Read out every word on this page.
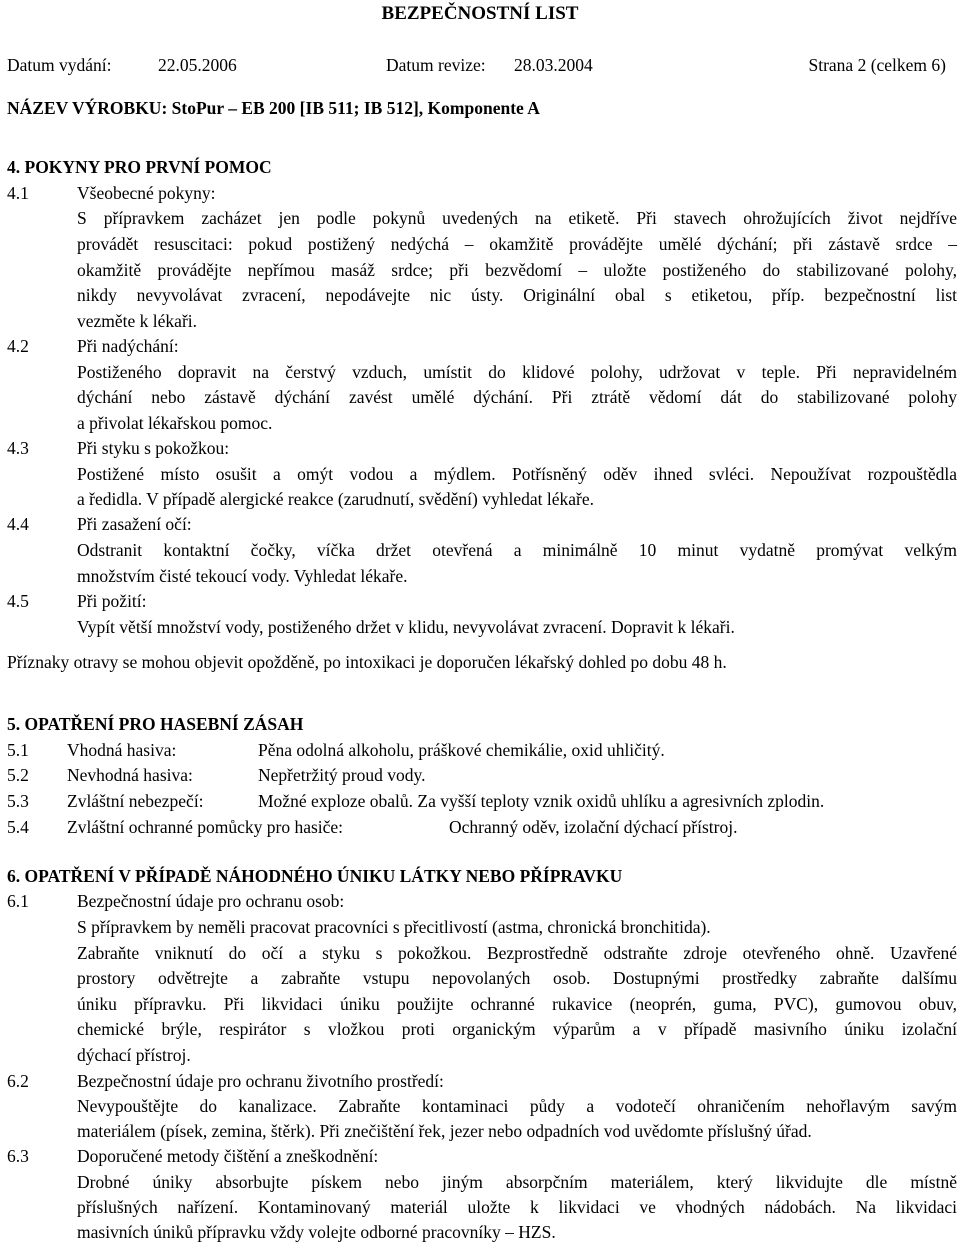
BEZPEČNOSTNÍ LIST
Datum vydání:	22.05.2006	Datum revize: 28.03.2004	Strana 2 (celkem 6)
NÁZEV VÝROBKU: StoPur – EB 200 [IB 511; IB 512], Komponente A
4. POKYNY PRO PRVNÍ POMOC
4.1	Všeobecné pokyny:
S přípravkem zacházet jen podle pokynů uvedených na etiketě. Při stavech ohrožujících život nejdříve
provádět resuscitaci: pokud postižený nedýchá – okamžitě provádějte umělé dýchání; při zástavě srdce –
okamžitě provádějte nepřímou masáž srdce; při bezvědomí – uložte postiženého do stabilizované polohy,
nikdy nevyvolávat zvracení, nepodávejte nic ústy. Originální obal s etiketou, příp. bezpečnostní list
vezměte k lékaři.
4.2	Při nadýchání:
Postiženého dopravit na čerstvý vzduch, umístit do klidové polohy, udržovat v teple. Při nepravidelném
dýchání nebo zástavě dýchání zavést umělé dýchání. Při ztrátě vědomí dát do stabilizované polohy
a přivolat lékařskou pomoc.
4.3	Při styku s pokožkou:
Postižené místo osušit a omýt vodou a mýdlem. Potřísněný oděv ihned svléci. Nepoužívat rozpouštědla
a ředidla. V případě alergické reakce (zarudnutí, svědění) vyhledat lékaře.
4.4	Při zasažení očí:
Odstranit kontaktní čočky, víčka držet otevřená a minimálně 10 minut vydatně promývat velkým
množstvím čisté tekoucí vody. Vyhledat lékaře.
4.5	Při požití:
Vypít větší množství vody, postiženého držet v klidu, nevyvolávat zvracení. Dopravit k lékaři.
Příznaky otravy se mohou objevit opožděně, po intoxikaci je doporučen lékařský dohled po dobu 48 h.
5. OPATŘENÍ PRO HASEBNÍ ZÁSAH
5.1 Vhodná hasiva:	Pěna odolná alkoholu, práškové chemikálie, oxid uhličitý.
5.2 Nevhodná hasiva:	Nepřetržitý proud vody.
5.3 Zvláštní nebezpečí:	Možné exploze obalů. Za vyšší teploty vznik oxidů uhlíku a agresivních zplodin.
5.4 Zvláštní ochranné pomůcky pro hasiče:	Ochranný oděv, izolační dýchací přístroj.
6. OPATŘENÍ V PŘÍPADĚ NÁHODNÉHO ÚNIKU LÁTKY NEBO PŘÍPRAVKU
6.1	Bezpečnostní údaje pro ochranu osob:
S přípravkem by neměli pracovat pracovníci s přecitlivostí (astma, chronická bronchitida).
Zabraňte vniknutí do očí a styku s pokožkou. Bezprostředně odstraňte zdroje otevřeného ohně. Uzavřené
prostory odvětrejte a zabraňte vstupu nepovolaných osob. Dostupnými prostředky zabraňte dalšímu
úniku přípravku. Při likvidaci úniku použijte ochranné rukavice (neoprén, guma, PVC), gumovou obuv,
chemické brýle, respirátor s vložkou proti organickým výparům a v případě masivního úniku izolační
dýchací přístroj.
6.2	Bezpečnostní údaje pro ochranu životního prostředí:
Nevypouštějte do kanalizace. Zabraňte kontaminaci půdy a vodotečí ohraničením nehořlavým savým
materiálem (písek, zemina, štěrk). Při znečištění řek, jezer nebo odpadních vod uvědomte příslušný úřad.
6.3	Doporučené metody čištění a zneškodnění:
Drobné úniky absorbujte pískem nebo jiným absorpčním materiálem, který likvidujte dle místně
příslušných nařízení. Kontaminovaný materiál uložte k likvidaci ve vhodných nádobách. Na likvidaci
masivních úniků přípravku vždy volejte odborné pracovníky – HZS.
